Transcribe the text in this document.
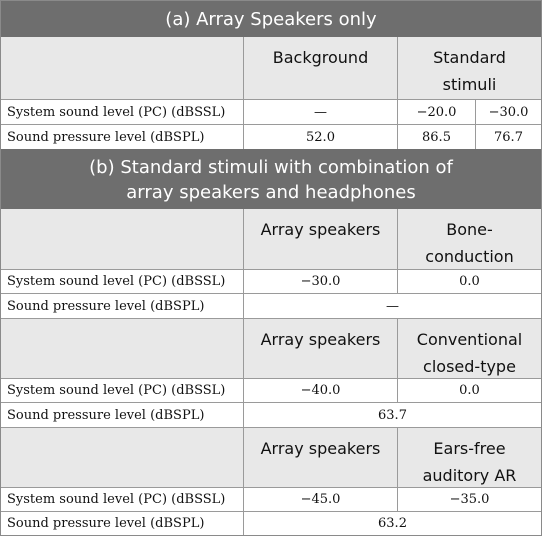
(a) Array Speakers only
Background	Standard
stimuli
System sound level (PC) (dBSSL)	—	−20.0	−30.0
Sound pressure level (dBSPL)	52.0	86.5	76.7
(b) Standard stimuli with combination of
array speakers and headphones
Array speakers	Bone-
conduction
System sound level (PC) (dBSSL)	−30.0	0.0
Sound pressure level (dBSPL)	—
Array speakers	Conventional
closed-type
System sound level (PC) (dBSSL)	−40.0	0.0
Sound pressure level (dBSPL)	63.7
Array speakers	Ears-free
auditory AR
System sound level (PC) (dBSSL)	−45.0	−35.0
Sound pressure level (dBSPL)	63.2
